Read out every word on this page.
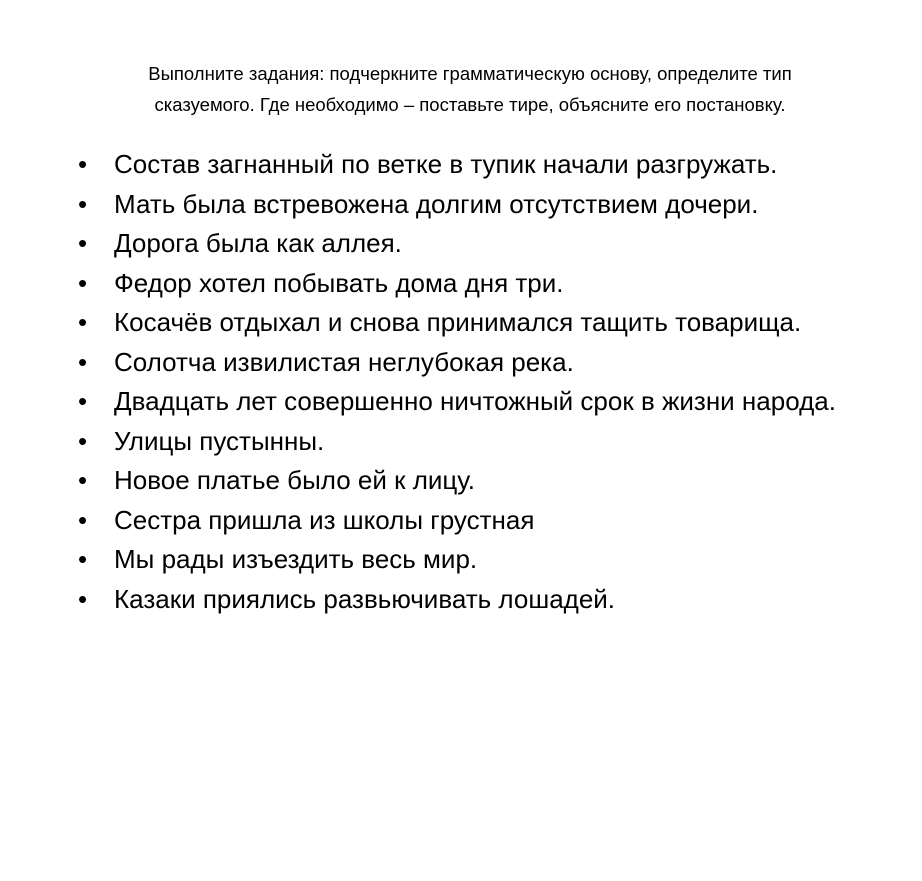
Выполните задания: подчеркните грамматическую основу, определите тип
сказуемого. Где необходимо – поставьте тире, объясните его постановку.
• Состав загнанный по ветке в тупик начали разгружать.
• Мать была встревожена долгим отсутствием дочери.
• Дорога была как аллея.
• Федор хотел побывать дома дня три.
• Косачёв отдыхал и снова принимался тащить товарища.
• Солотча извилистая неглубокая река.
• Двадцать лет совершенно ничтожный срок в жизни народа.
• Улицы пустынны.
• Новое платье было ей к лицу.
• Сестра пришла из школы грустная
• Мы рады изъездить весь мир.
• Казаки приялись развьючивать лошадей.
